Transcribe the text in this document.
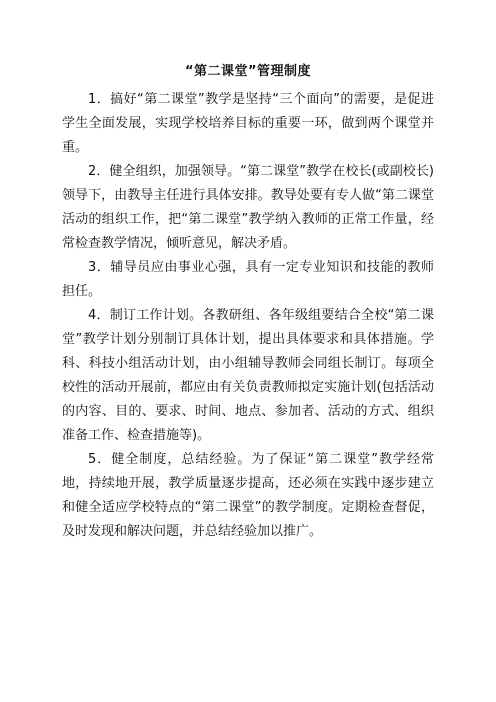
“第二课堂”管理制度

1．搞好“第二课堂”教学是坚持“三个面向”的需要，是促进学生全面发展，实现学校培养目标的重要一环，做到两个课堂并重。

2．健全组织，加强领导。“第二课堂”教学在校长(或副校长)领导下，由教导主任进行具体安排。教导处要有专人做“第二课堂活动的组织工作，把“第二课堂”教学纳入教师的正常工作量，经常检查教学情况，倾听意见，解决矛盾。

3．辅导员应由事业心强，具有一定专业知识和技能的教师担任。

4．制订工作计划。各教研组、各年级组要结合全校“第二课堂”教学计划分别制订具体计划，提出具体要求和具体措施。学科、科技小组活动计划，由小组辅导教师会同组长制订。每项全校性的活动开展前，都应由有关负责教师拟定实施计划(包括活动的内容、目的、要求、时间、地点、参加者、活动的方式、组织准备工作、检查措施等)。

5．健全制度，总结经验。为了保证“第二课堂”教学经常地，持续地开展，教学质量逐步提高，还必须在实践中逐步建立和健全适应学校特点的“第二课堂”的教学制度。定期检查督促，及时发现和解决问题，并总结经验加以推广。
